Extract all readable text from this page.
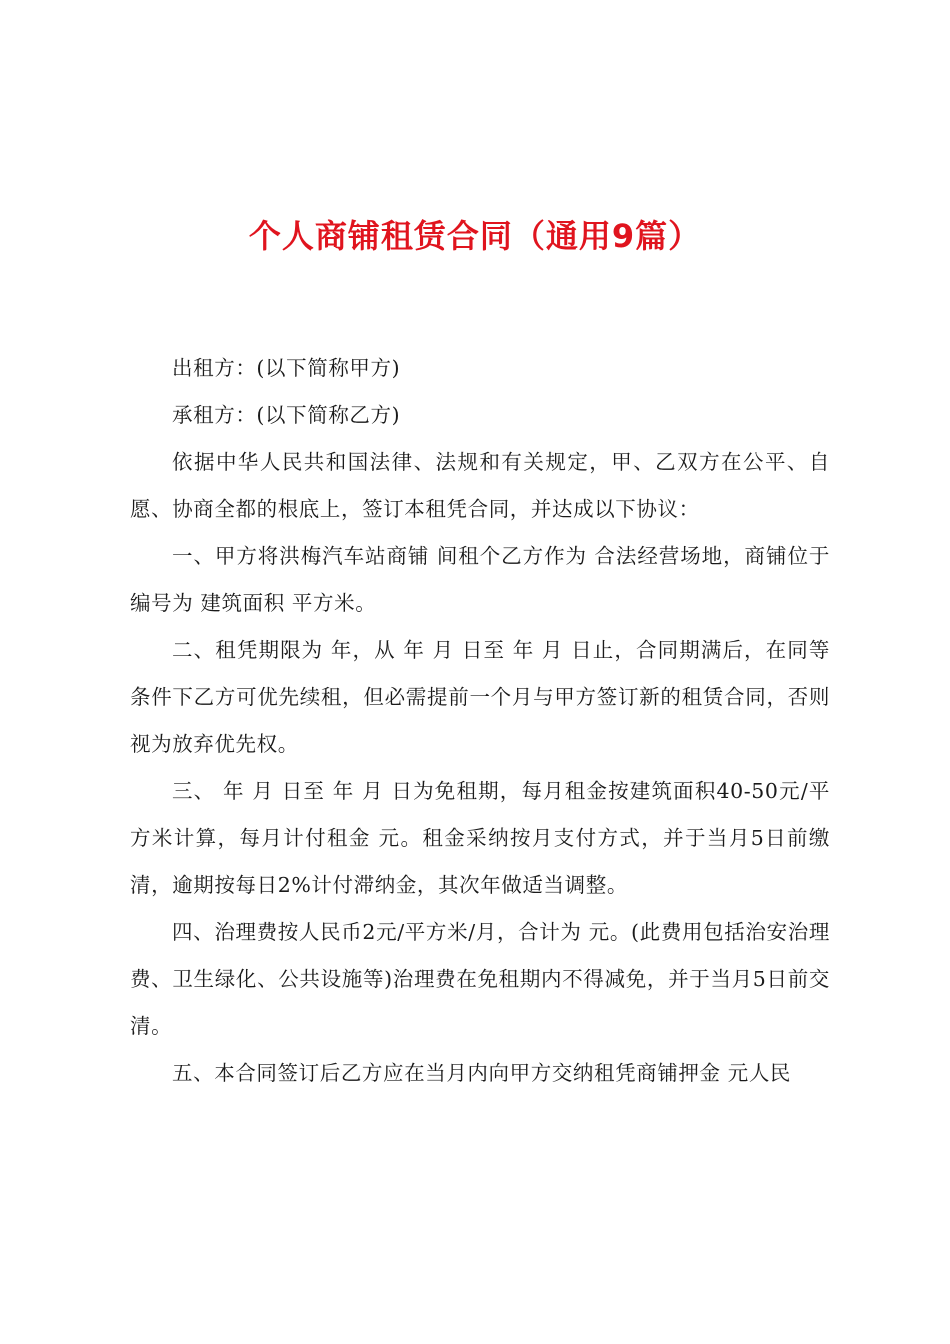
个人商铺租赁合同（通用9篇）

出租方：(以下简称甲方)

承租方：(以下简称乙方)

依据中华人民共和国法律、法规和有关规定，甲、乙双方在公平、自愿、协商全都的根底上，签订本租凭合同，并达成以下协议：

一、甲方将洪梅汽车站商铺 间租个乙方作为 合法经营场地，商铺位于 编号为 建筑面积 平方米。

二、租凭期限为 年，从 年 月 日至 年 月 日止，合同期满后，在同等条件下乙方可优先续租，但必需提前一个月与甲方签订新的租赁合同，否则视为放弃优先权。

三、 年 月 日至 年 月 日为免租期，每月租金按建筑面积40-50元/平方米计算，每月计付租金 元。租金采纳按月支付方式，并于当月5日前缴清，逾期按每日2%计付滞纳金，其次年做适当调整。

四、治理费按人民币2元/平方米/月，合计为 元。(此费用包括治安治理费、卫生绿化、公共设施等)治理费在免租期内不得减免，并于当月5日前交清。

五、本合同签订后乙方应在当月内向甲方交纳租凭商铺押金 元人民
